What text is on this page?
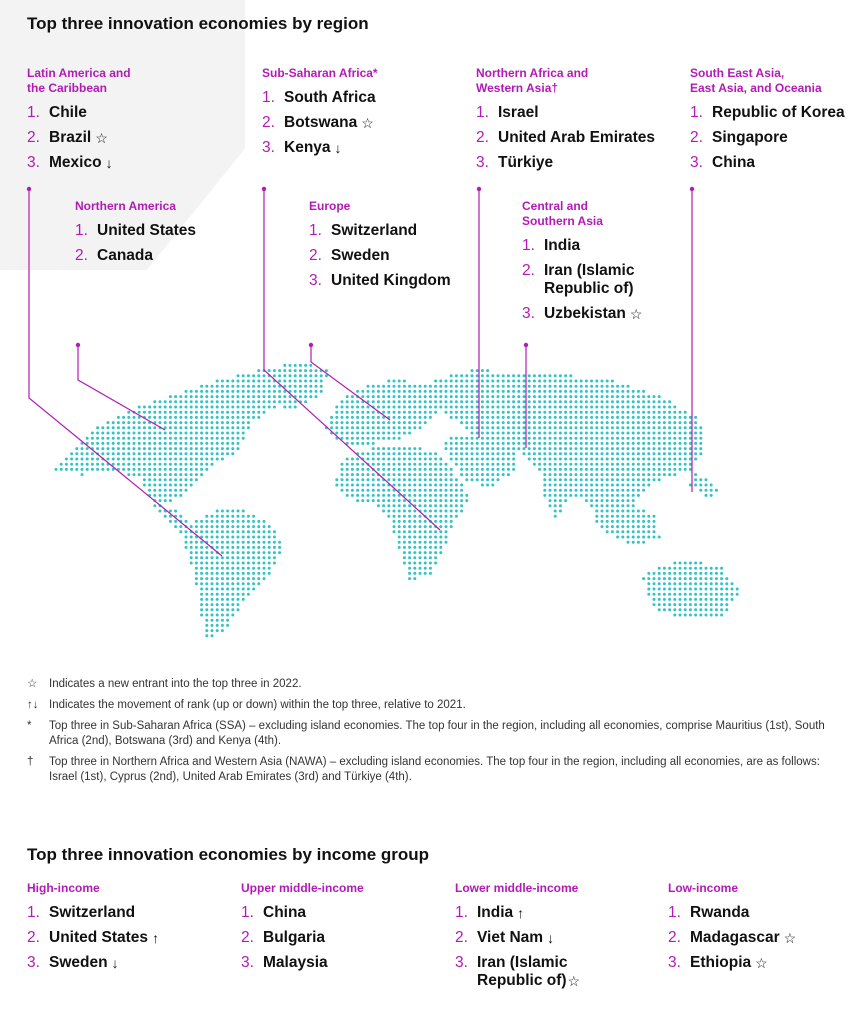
Top three innovation economies by region
Latin America and
the Caribbean
1. Chile
2. Brazil ☆
3. Mexico ↓
Sub-Saharan Africa*
1. South Africa
2. Botswana ☆
3. Kenya ↓
Northern Africa and
Western Asia†
1. Israel
2. United Arab Emirates
3. Türkiye
South East Asia,
East Asia, and Oceania
1. Republic of Korea
2. Singapore
3. China
Northern America
1. United States
2. Canada
Europe
1. Switzerland
2. Sweden
3. United Kingdom
Central and
Southern Asia
1. India
2. Iran (Islamic
Republic of)
3. Uzbekistan ☆
☆	Indicates a new entrant into the top three in 2022.
↑↓ Indicates the movement of rank (up or down) within the top three, relative to 2021.
*	Top three in Sub-Saharan Africa (SSA) – excluding island economies. The top four in the region, including all economies, comprise Mauritius (1st), South Africa (2nd), Botswana (3rd) and Kenya (4th).
†	Top three in Northern Africa and Western Asia (NAWA) – excluding island economies. The top four in the region, including all economies, are as follows: Israel (1st), Cyprus (2nd), United Arab Emirates (3rd) and Türkiye (4th).
Top three innovation economies by income group
High-income
1. Switzerland
2. United States ↑
3. Sweden ↓
Upper middle-income
1. China
2. Bulgaria
3. Malaysia
Lower middle-income
1. India ↑
2. Viet Nam ↓
3. Iran (Islamic
Republic of) ☆
Low-income
1. Rwanda
2. Madagascar ☆
3. Ethiopia ☆
